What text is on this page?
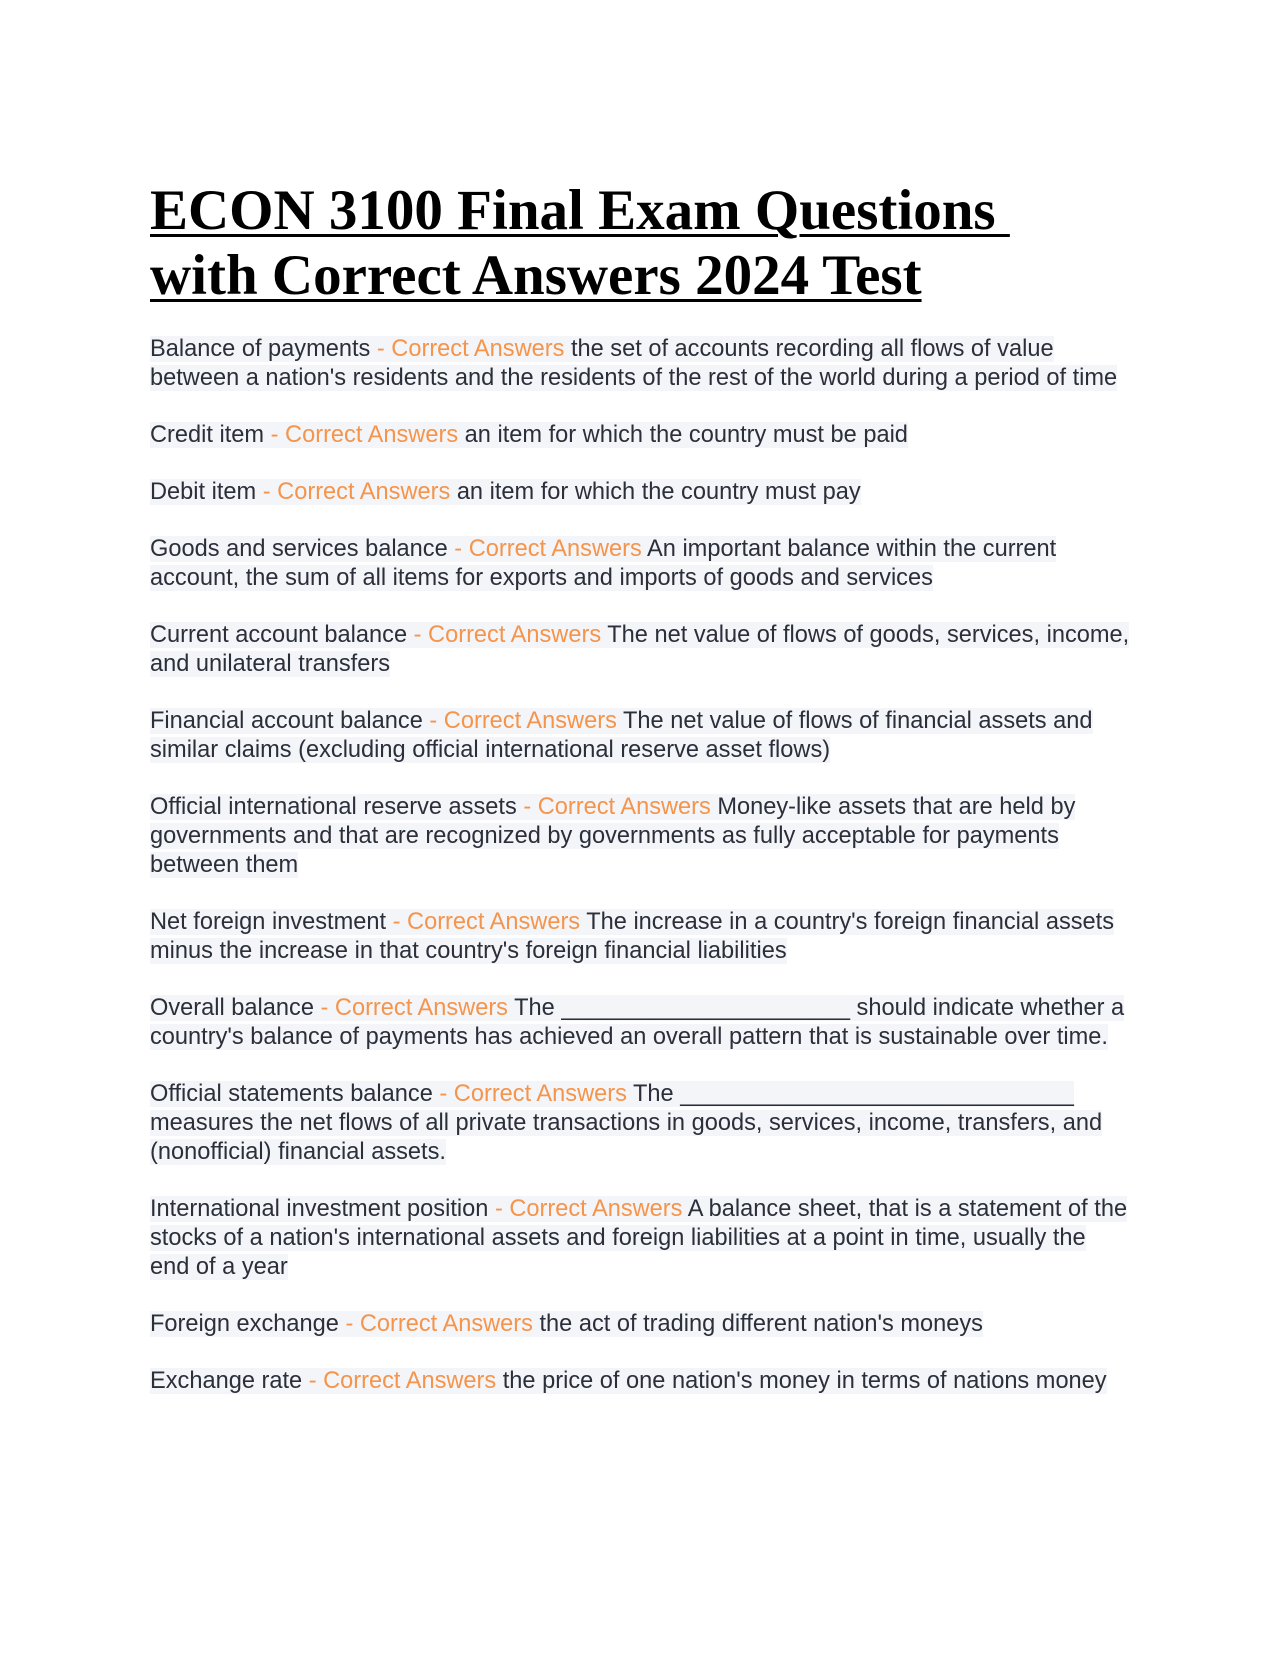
ECON 3100 Final Exam Questions
with Correct Answers 2024 Test

Balance of payments - Correct Answers the set of accounts recording all flows of value between a nation's residents and the residents of the rest of the world during a period of time

Credit item - Correct Answers an item for which the country must be paid

Debit item - Correct Answers an item for which the country must pay

Goods and services balance - Correct Answers An important balance within the current account, the sum of all items for exports and imports of goods and services

Current account balance - Correct Answers The net value of flows of goods, services, income, and unilateral transfers

Financial account balance - Correct Answers The net value of flows of financial assets and similar claims (excluding official international reserve asset flows)

Official international reserve assets - Correct Answers Money-like assets that are held by governments and that are recognized by governments as fully acceptable for payments between them

Net foreign investment - Correct Answers The increase in a country's foreign financial assets minus the increase in that country's foreign financial liabilities

Overall balance - Correct Answers The ______________________ should indicate whether a country's balance of payments has achieved an overall pattern that is sustainable over time.

Official statements balance - Correct Answers The ______________________________ measures the net flows of all private transactions in goods, services, income, transfers, and (nonofficial) financial assets.

International investment position - Correct Answers A balance sheet, that is a statement of the stocks of a nation's international assets and foreign liabilities at a point in time, usually the end of a year

Foreign exchange - Correct Answers the act of trading different nation's moneys

Exchange rate - Correct Answers the price of one nation's money in terms of nations money
